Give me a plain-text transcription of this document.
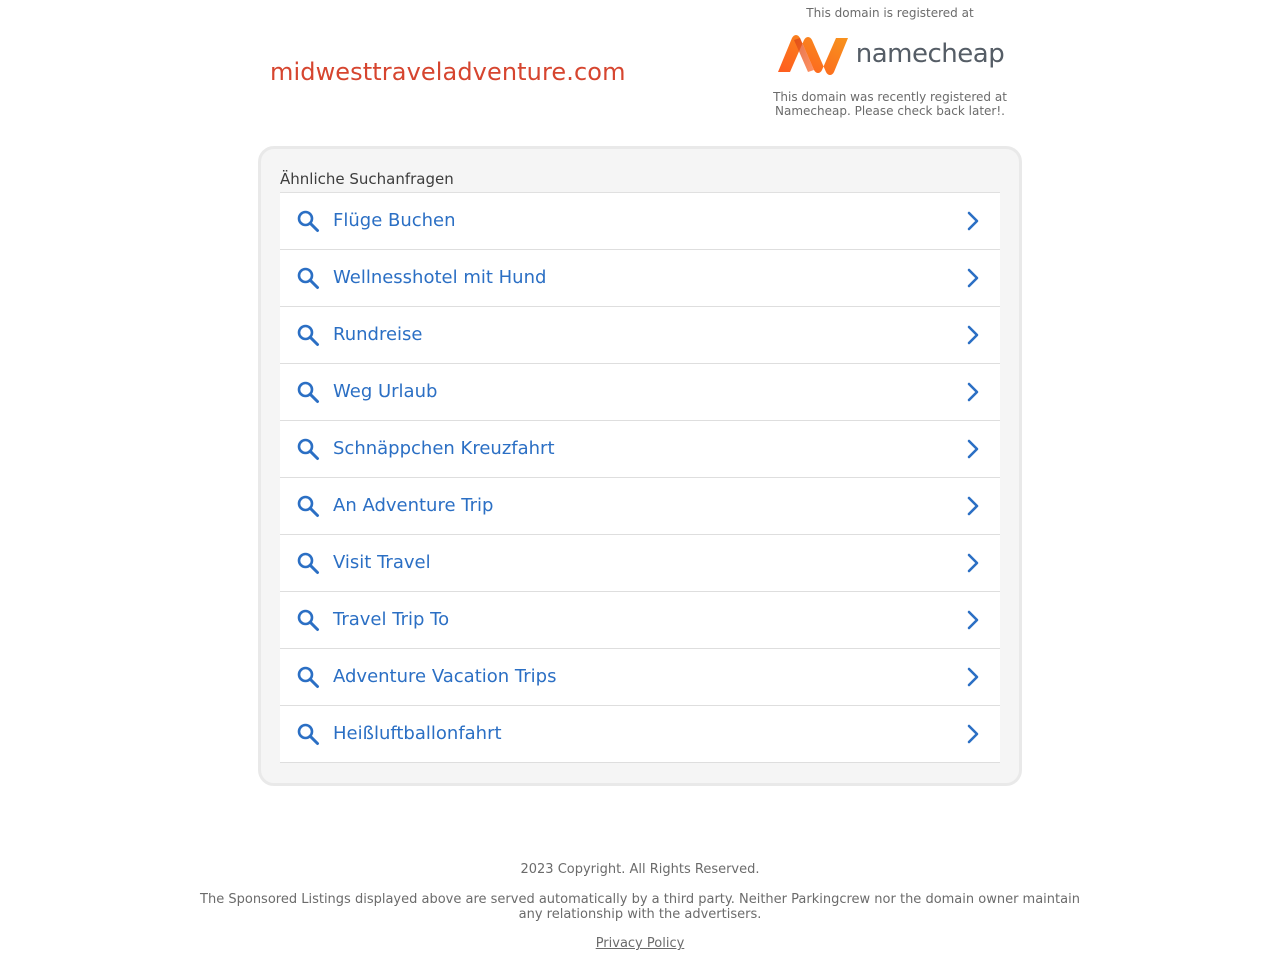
midwesttraveladventure.com
This domain is registered at
namecheap
This domain was recently registered at Namecheap. Please check back later!.
Ähnliche Suchanfragen
Flüge Buchen
Wellnesshotel mit Hund
Rundreise
Weg Urlaub
Schnäppchen Kreuzfahrt
An Adventure Trip
Visit Travel
Travel Trip To
Adventure Vacation Trips
Heißluftballonfahrt
2023 Copyright. All Rights Reserved.
The Sponsored Listings displayed above are served automatically by a third party. Neither Parkingcrew nor the domain owner maintain any relationship with the advertisers.
Privacy Policy
